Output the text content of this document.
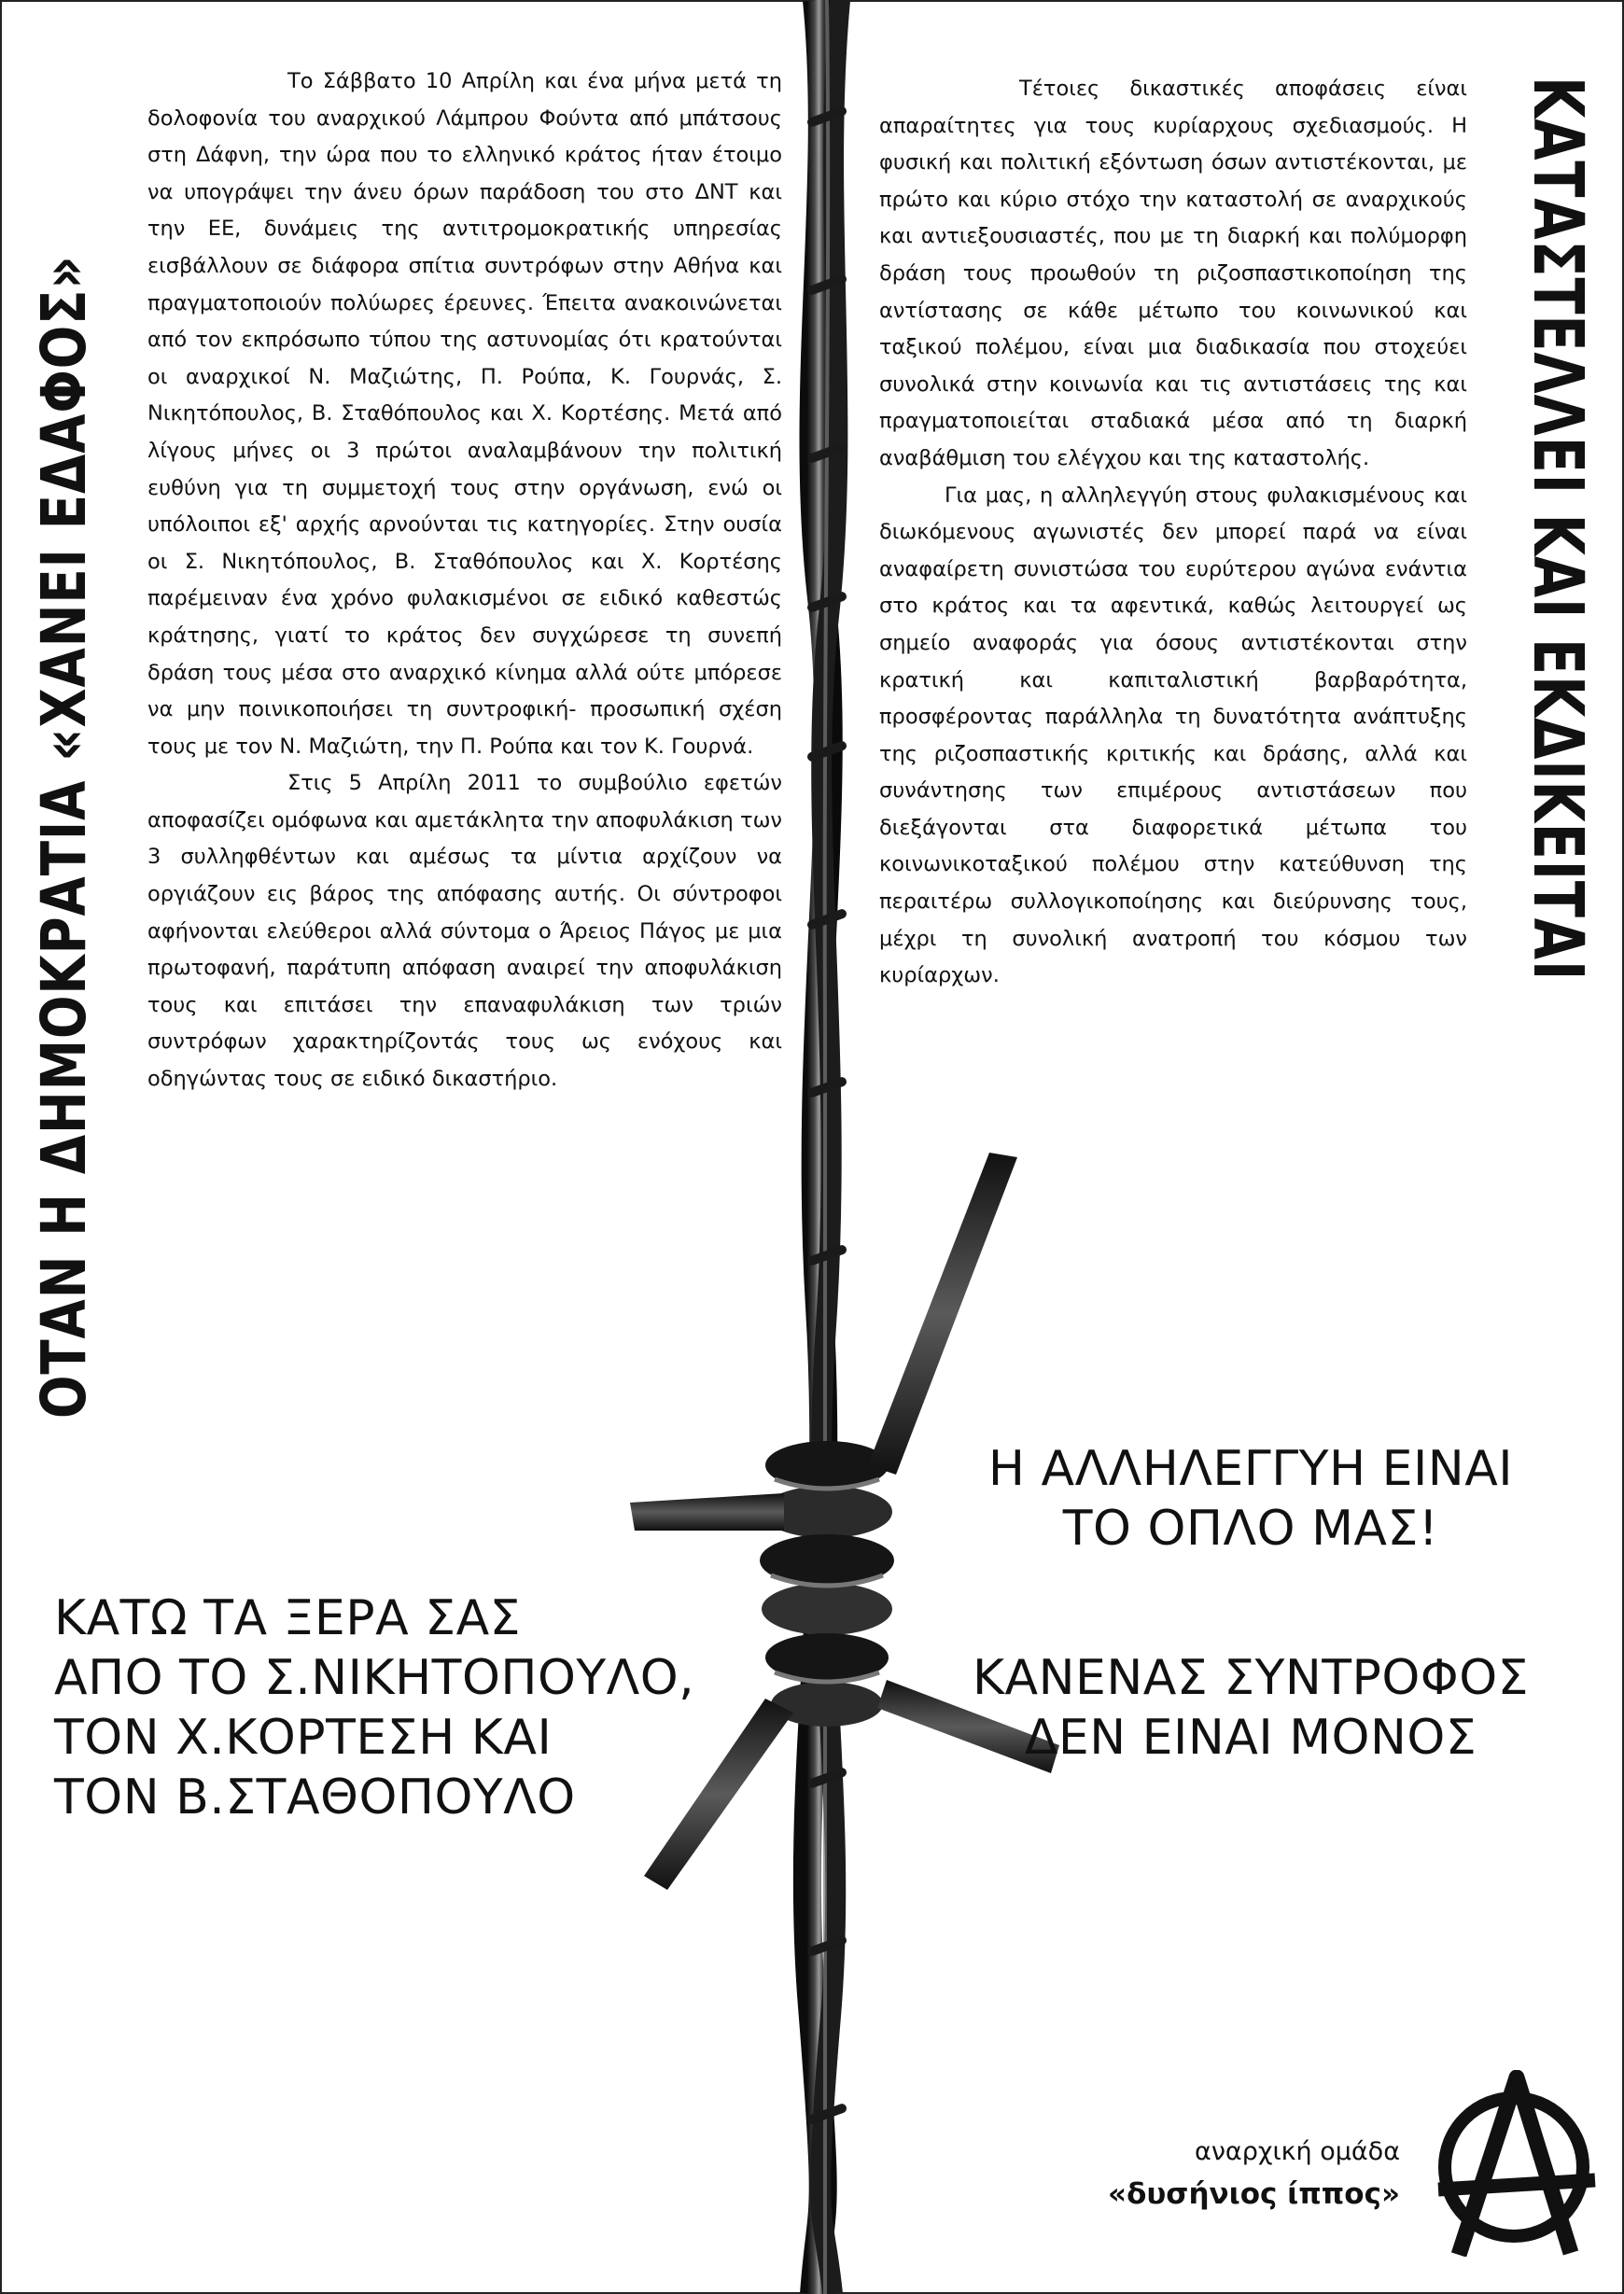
ΟΤΑΝ Η ΔΗΜΟΚΡΑΤΙΑ «ΧΑΝΕΙ ΕΔΑΦΟΣ»	ΚΑΤΑΣΤΕΛΛΕΙ ΚΑΙ ΕΚΔΙΚΕΙΤΑΙ

Το Σάββατο 10 Απρίλη και ένα μήνα μετά τη δολοφονία του αναρχικού Λάμπρου Φούντα από μπάτσους στη Δάφνη, την ώρα που το ελληνικό κράτος ήταν έτοιμο να υπογράψει την άνευ όρων παράδοση του στο ΔΝΤ και την ΕΕ, δυνάμεις της αντιτρομοκρατικής υπηρεσίας εισβάλλουν σε διάφορα σπίτια συντρόφων στην Αθήνα και πραγματοποιούν πολύωρες έρευνες. Έπειτα ανακοινώνεται από τον εκπρόσωπο τύπου της αστυνομίας ότι κρατούνται οι αναρχικοί Ν. Μαζιώτης, Π. Ρούπα, Κ. Γουρνάς, Σ. Νικητόπουλος, Β. Σταθόπουλος και Χ. Κορτέσης. Μετά από λίγους μήνες οι 3 πρώτοι αναλαμβάνουν την πολιτική ευθύνη για τη συμμετοχή τους στην οργάνωση, ενώ οι υπόλοιποι εξ' αρχής αρνούνται τις κατηγορίες. Στην ουσία οι Σ. Νικητόπουλος, Β. Σταθόπουλος και Χ. Κορτέσης παρέμειναν ένα χρόνο φυλακισμένοι σε ειδικό καθεστώς κράτησης, γιατί το κράτος δεν συγχώρεσε τη συνεπή δράση τους μέσα στο αναρχικό κίνημα αλλά ούτε μπόρεσε να μην ποινικοποιήσει τη συντροφική- προσωπική σχέση τους με τον Ν. Μαζιώτη, την Π. Ρούπα και τον Κ. Γουρνά.

Στις 5 Απρίλη 2011 το συμβούλιο εφετών αποφασίζει ομόφωνα και αμετάκλητα την αποφυλάκιση των 3 συλληφθέντων και αμέσως τα μίντια αρχίζουν να οργιάζουν εις βάρος της απόφασης αυτής. Οι σύντροφοι αφήνονται ελεύθεροι αλλά σύντομα ο Άρειος Πάγος με μια πρωτοφανή, παράτυπη απόφαση αναιρεί την αποφυλάκιση τους και επιτάσει την επαναφυλάκιση των τριών συντρόφων χαρακτηρίζοντάς τους ως ενόχους και οδηγώντας τους σε ειδικό δικαστήριο.

Τέτοιες δικαστικές αποφάσεις είναι απαραίτητες για τους κυρίαρχους σχεδιασμούς. Η φυσική και πολιτική εξόντωση όσων αντιστέκονται, με πρώτο και κύριο στόχο την καταστολή σε αναρχικούς και αντιεξουσιαστές, που με τη διαρκή και πολύμορφη δράση τους προωθούν τη ριζοσπαστικοποίηση της αντίστασης σε κάθε μέτωπο του κοινωνικού και ταξικού πολέμου, είναι μια διαδικασία που στοχεύει συνολικά στην κοινωνία και τις αντιστάσεις της και πραγματοποιείται σταδιακά μέσα από τη διαρκή αναβάθμιση του ελέγχου και της καταστολής.

Για μας, η αλληλεγγύη στους φυλακισμένους και διωκόμενους αγωνιστές δεν μπορεί παρά να είναι αναφαίρετη συνιστώσα του ευρύτερου αγώνα ενάντια στο κράτος και τα αφεντικά, καθώς λειτουργεί ως σημείο αναφοράς για όσους αντιστέκονται στην κρατική και καπιταλιστική βαρβαρότητα, προσφέροντας παράλληλα τη δυνατότητα ανάπτυξης της ριζοσπαστικής κριτικής και δράσης, αλλά και συνάντησης των επιμέρους αντιστάσεων που διεξάγονται στα διαφορετικά μέτωπα του κοινωνικοταξικού πολέμου στην κατεύθυνση της περαιτέρω συλλογικοποίησης και διεύρυνσης τους, μέχρι τη συνολική ανατροπή του κόσμου των κυρίαρχων.

ΚΑΤΩ ΤΑ ΞΕΡΑ ΣΑΣ
ΑΠΟ ΤΟ Σ.ΝΙΚΗΤΟΠΟΥΛΟ,
ΤΟΝ Χ.ΚΟΡΤΕΣΗ ΚΑΙ
ΤΟΝ Β.ΣΤΑΘΟΠΟΥΛΟ
Η ΑΛΛΗΛΕΓΓΥΗ ΕΙΝΑΙ
ΤΟ ΟΠΛΟ ΜΑΣ!
ΚΑΝΕΝΑΣ ΣΥΝΤΡΟΦΟΣ
ΔΕΝ ΕΙΝΑΙ ΜΟΝΟΣ
αναρχική ομάδα
«δυσήνιος ίππος»
